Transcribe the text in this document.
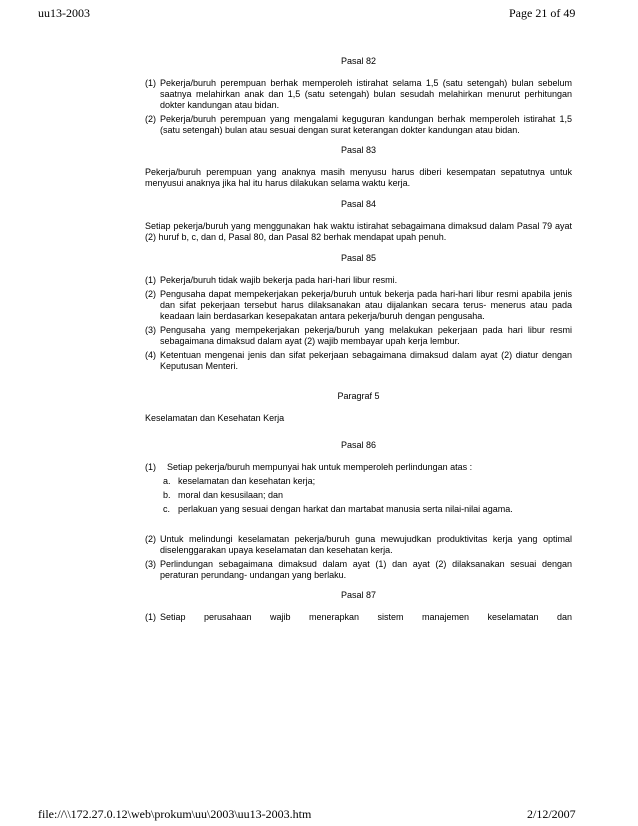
uu13-2003	Page 21 of 49
Pasal 82
(1) Pekerja/buruh perempuan berhak memperoleh istirahat selama 1,5 (satu setengah) bulan sebelum saatnya melahirkan anak dan 1,5 (satu setengah) bulan sesudah melahirkan menurut perhitungan dokter kandungan atau bidan.
(2) Pekerja/buruh perempuan yang mengalami keguguran kandungan berhak memperoleh istirahat 1,5 (satu setengah) bulan atau sesuai dengan surat keterangan dokter kandungan atau bidan.
Pasal 83
Pekerja/buruh perempuan yang anaknya masih menyusu harus diberi kesempatan sepatutnya untuk menyusui anaknya jika hal itu harus dilakukan selama waktu kerja.
Pasal 84
Setiap pekerja/buruh yang menggunakan hak waktu istirahat sebagaimana dimaksud dalam Pasal 79 ayat (2) huruf b, c, dan d, Pasal 80, dan Pasal 82 berhak mendapat upah penuh.
Pasal 85
(1) Pekerja/buruh tidak wajib bekerja pada hari-hari libur resmi.
(2) Pengusaha dapat mempekerjakan pekerja/buruh untuk bekerja pada hari-hari libur resmi apabila jenis dan sifat pekerjaan tersebut harus dilaksanakan atau dijalankan secara terus- menerus atau pada keadaan lain berdasarkan kesepakatan antara pekerja/buruh dengan pengusaha.
(3) Pengusaha yang mempekerjakan pekerja/buruh yang melakukan pekerjaan pada hari libur resmi sebagaimana dimaksud dalam ayat (2) wajib membayar upah kerja lembur.
(4) Ketentuan mengenai jenis dan sifat pekerjaan sebagaimana dimaksud dalam ayat (2) diatur dengan Keputusan Menteri.
Paragraf 5
Keselamatan dan Kesehatan Kerja
Pasal 86
(1)	Setiap pekerja/buruh mempunyai hak untuk memperoleh perlindungan atas :
a. keselamatan dan kesehatan kerja;
b. moral dan kesusilaan; dan
c. perlakuan yang sesuai dengan harkat dan martabat manusia serta nilai-nilai agama.
(2) Untuk melindungi keselamatan pekerja/buruh guna mewujudkan produktivitas kerja yang optimal diselenggarakan upaya keselamatan dan kesehatan kerja.
(3) Perlindungan sebagaimana dimaksud dalam ayat (1) dan ayat (2) dilaksanakan sesuai dengan peraturan perundang- undangan yang berlaku.
Pasal 87
(1) Setiap perusahaan wajib menerapkan sistem manajemen keselamatan dan
file://\\172.27.0.12\web\prokum\uu\2003\uu13-2003.htm	2/12/2007
